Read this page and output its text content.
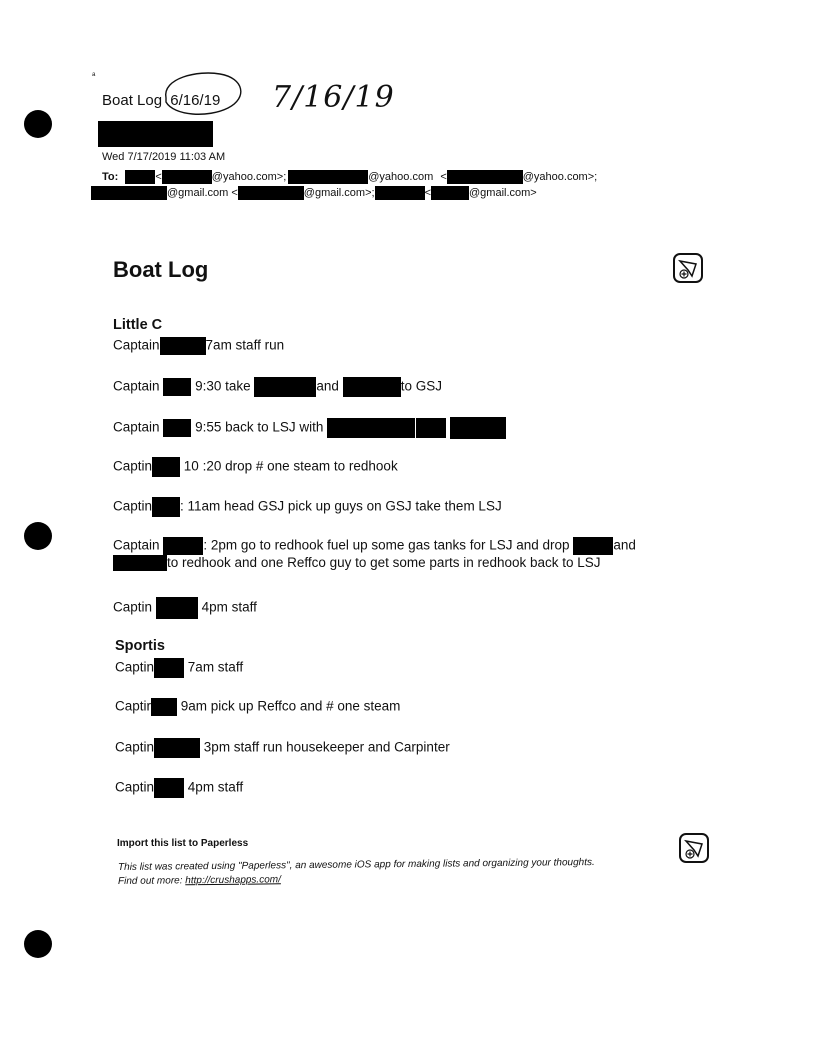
Boat Log 6/16/19 7/16/19
ᵃ
Wed 7/17/2019 11:03 AM
To:	<	@yahoo.com>;	@yahoo.com <	@yahoo.com>;
@gmail.com <	@gmail.com>;	<	@gmail.com>
Boat Log
Little C
Captain	7am staff run
Captain	9:30 take	and	to GSJ
Captain	9:55 back to LSJ with
Captin 10 :20 drop # one steam to redhook
Captin : 11am head GSJ pick up guys on GSJ take them LSJ
Captain	: 2pm go to redhook fuel up some gas tanks for LSJ and drop	and
to redhook and one Reffco guy to get some parts in redhook back to LSJ
Captin	4pm staff
Sportis
Captin	7am staff
Captir 9am pick up Reffco and # one steam
Captin	3pm staff run housekeeper and Carpinter
Captin	4pm staff
Import this list to Paperless
This list was created using "Paperless", an awesome iOS app for making lists and organizing your thoughts.
Find out more: http://crushapps.com/
